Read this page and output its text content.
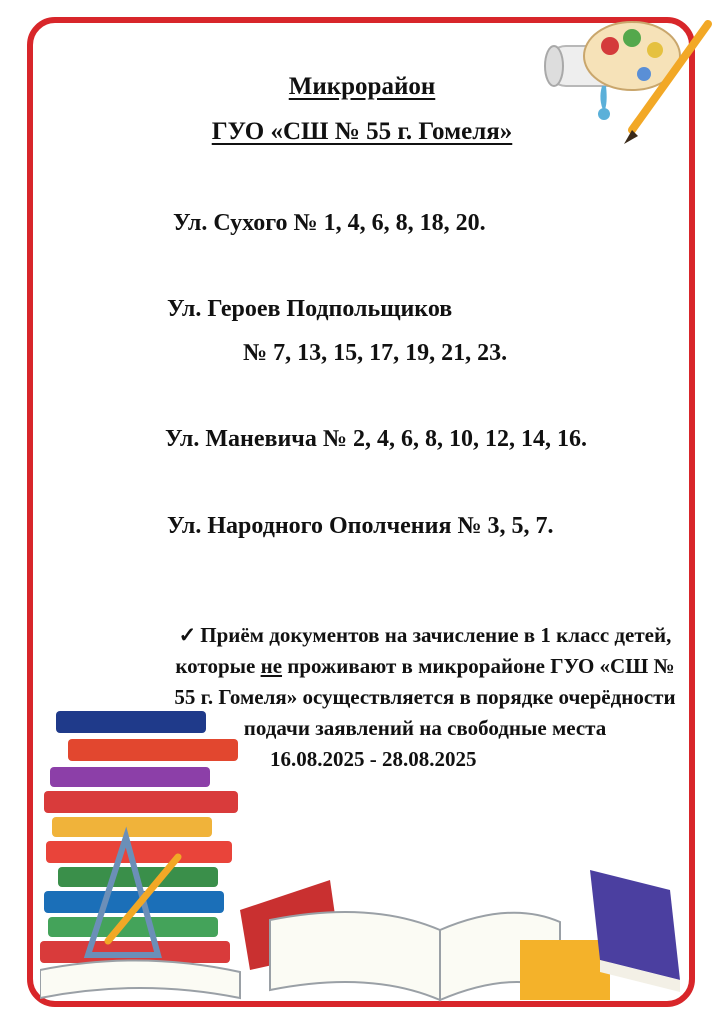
Микрорайон
ГУО «СШ № 55 г. Гомеля»
Ул. Сухого № 1, 4, 6, 8, 18, 20.
Ул. Героев Подпольщиков
№ 7, 13, 15, 17, 19, 21, 23.
Ул. Маневича № 2, 4, 6, 8, 10, 12, 14, 16.
Ул. Народного Ополчения № 3, 5, 7.
✓ Приём документов на зачисление в 1 класс детей, которые не проживают в микрорайоне ГУО «СШ № 55 г. Гомеля» осуществляется в порядке очерёдности подачи заявлений на свободные места
16.08.2025 - 28.08.2025
